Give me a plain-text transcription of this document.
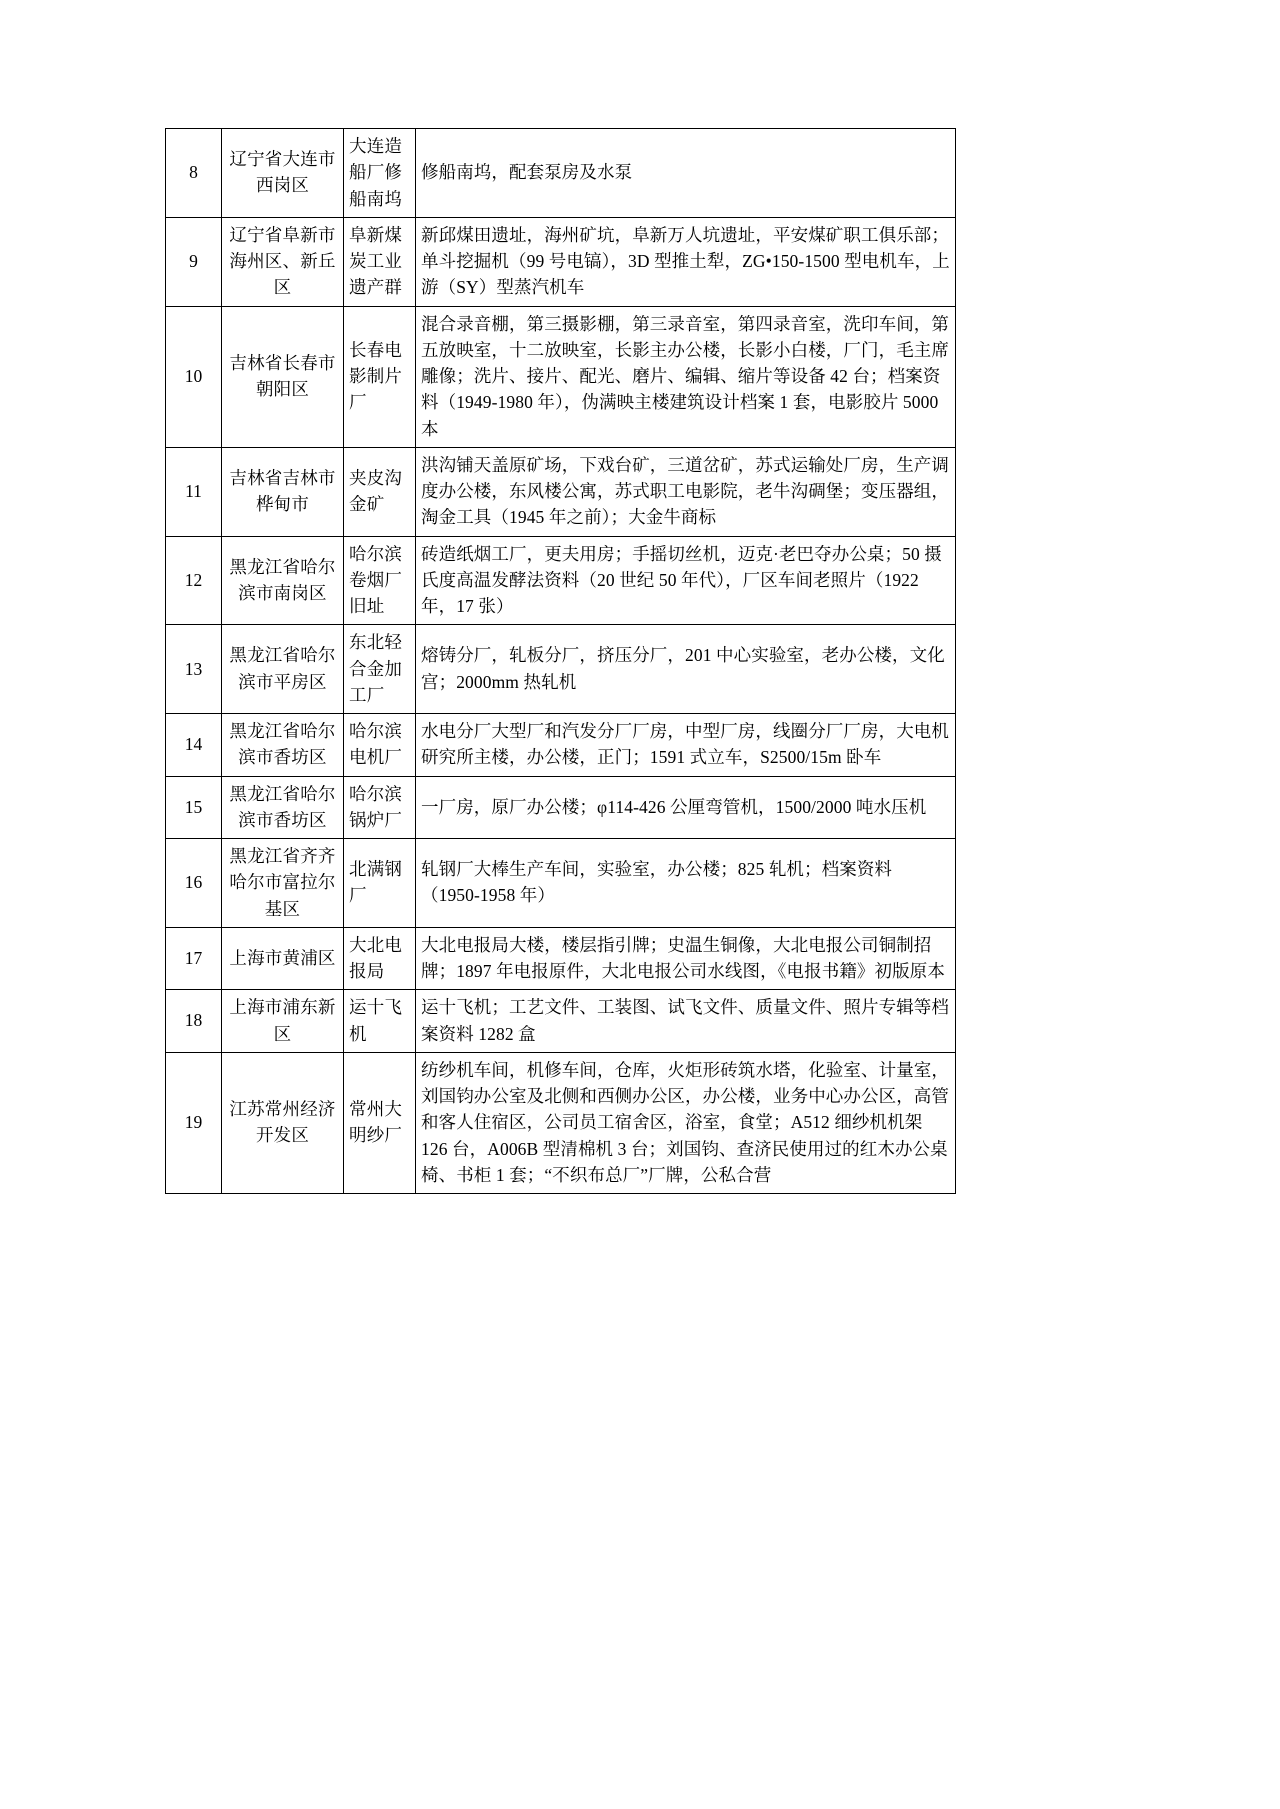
8	辽宁省大连市西岗区	大连造船厂修船南坞	修船南坞，配套泵房及水泵
9	辽宁省阜新市海州区、新丘区	阜新煤炭工业遗产群	新邱煤田遗址，海州矿坑，阜新万人坑遗址，平安煤矿职工俱乐部；单斗挖掘机（99 号电镐），3D 型推土犁，ZG•150-1500 型电机车，上游（SY）型蒸汽机车
10	吉林省长春市朝阳区	长春电影制片厂	混合录音棚，第三摄影棚，第三录音室，第四录音室，洗印车间，第五放映室，十二放映室，长影主办公楼，长影小白楼，厂门，毛主席雕像；洗片、接片、配光、磨片、编辑、缩片等设备 42 台；档案资料（1949-1980 年），伪满映主楼建筑设计档案 1 套，电影胶片 5000 本
11	吉林省吉林市桦甸市	夹皮沟金矿	洪沟铺天盖原矿场，下戏台矿，三道岔矿，苏式运输处厂房，生产调度办公楼，东风楼公寓，苏式职工电影院，老牛沟碉堡；变压器组，淘金工具（1945 年之前）；大金牛商标
12	黑龙江省哈尔滨市南岗区	哈尔滨卷烟厂旧址	砖造纸烟工厂，更夫用房；手摇切丝机，迈克·老巴夺办公桌；50 摄氏度高温发酵法资料（20 世纪 50 年代），厂区车间老照片（1922 年，17 张）
13	黑龙江省哈尔滨市平房区	东北轻合金加工厂	熔铸分厂，轧板分厂，挤压分厂，201 中心实验室，老办公楼，文化宫；2000mm 热轧机
14	黑龙江省哈尔滨市香坊区	哈尔滨电机厂	水电分厂大型厂和汽发分厂厂房，中型厂房，线圈分厂厂房，大电机研究所主楼，办公楼，正门；1591 式立车，S2500/15m 卧车
15	黑龙江省哈尔滨市香坊区	哈尔滨锅炉厂	一厂房，原厂办公楼；φ114-426 公厘弯管机，1500/2000 吨水压机
16	黑龙江省齐齐哈尔市富拉尔基区	北满钢厂	轧钢厂大棒生产车间，实验室，办公楼；825 轧机；档案资料（1950-1958 年）
17	上海市黄浦区	大北电报局	大北电报局大楼，楼层指引牌；史温生铜像，大北电报公司铜制招牌；1897 年电报原件，大北电报公司水线图，《电报书籍》初版原本
18	上海市浦东新区	运十飞机	运十飞机；工艺文件、工装图、试飞文件、质量文件、照片专辑等档案资料 1282 盒
19	江苏常州经济开发区	常州大明纱厂	纺纱机车间，机修车间，仓库，火炬形砖筑水塔，化验室、计量室，刘国钧办公室及北侧和西侧办公区，办公楼，业务中心办公区，高管和客人住宿区，公司员工宿舍区，浴室，食堂；A512 细纱机机架 126 台，A006B 型清棉机 3 台；刘国钧、查济民使用过的红木办公桌椅、书柜 1 套；“不织布总厂”厂牌，公私合营
